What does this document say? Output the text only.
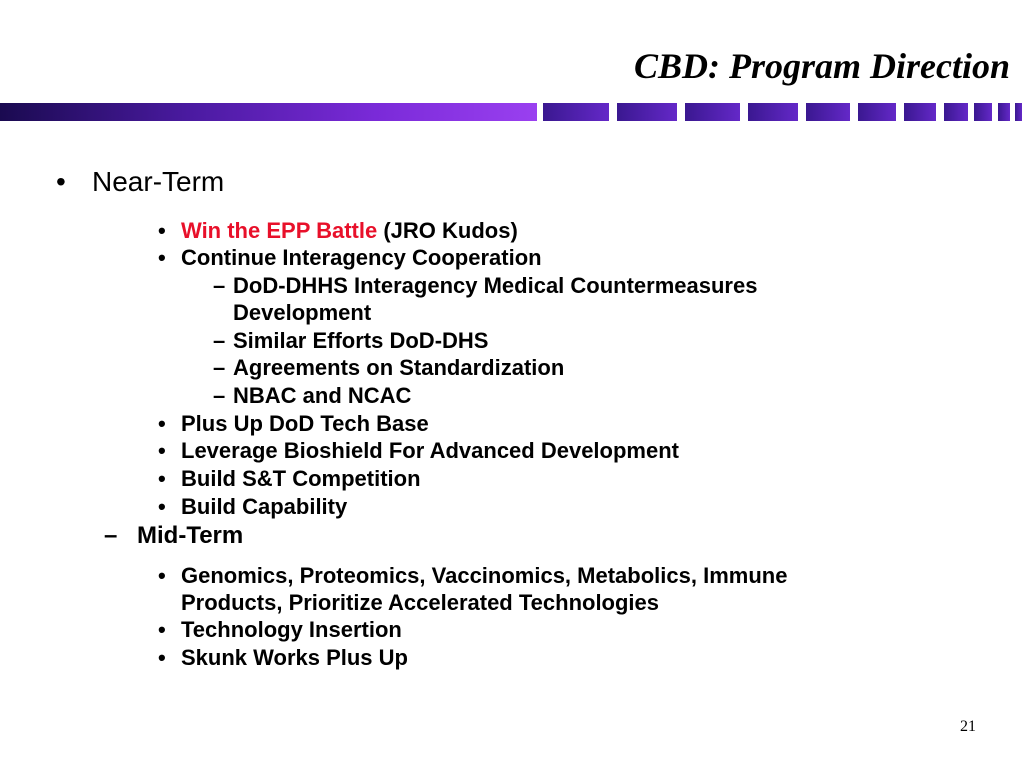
CBD: Program Direction
• Near-Term
• Win the EPP Battle (JRO Kudos)
• Continue Interagency Cooperation
– DoD-DHHS Interagency Medical Countermeasures
Development
– Similar Efforts DoD-DHS
– Agreements on Standardization
– NBAC and NCAC
• Plus Up DoD Tech Base
• Leverage Bioshield For Advanced Development
• Build S&T Competition
• Build Capability
– Mid-Term
• Genomics, Proteomics, Vaccinomics, Metabolics, Immune
Products, Prioritize Accelerated Technologies
• Technology Insertion
• Skunk Works Plus Up
21
